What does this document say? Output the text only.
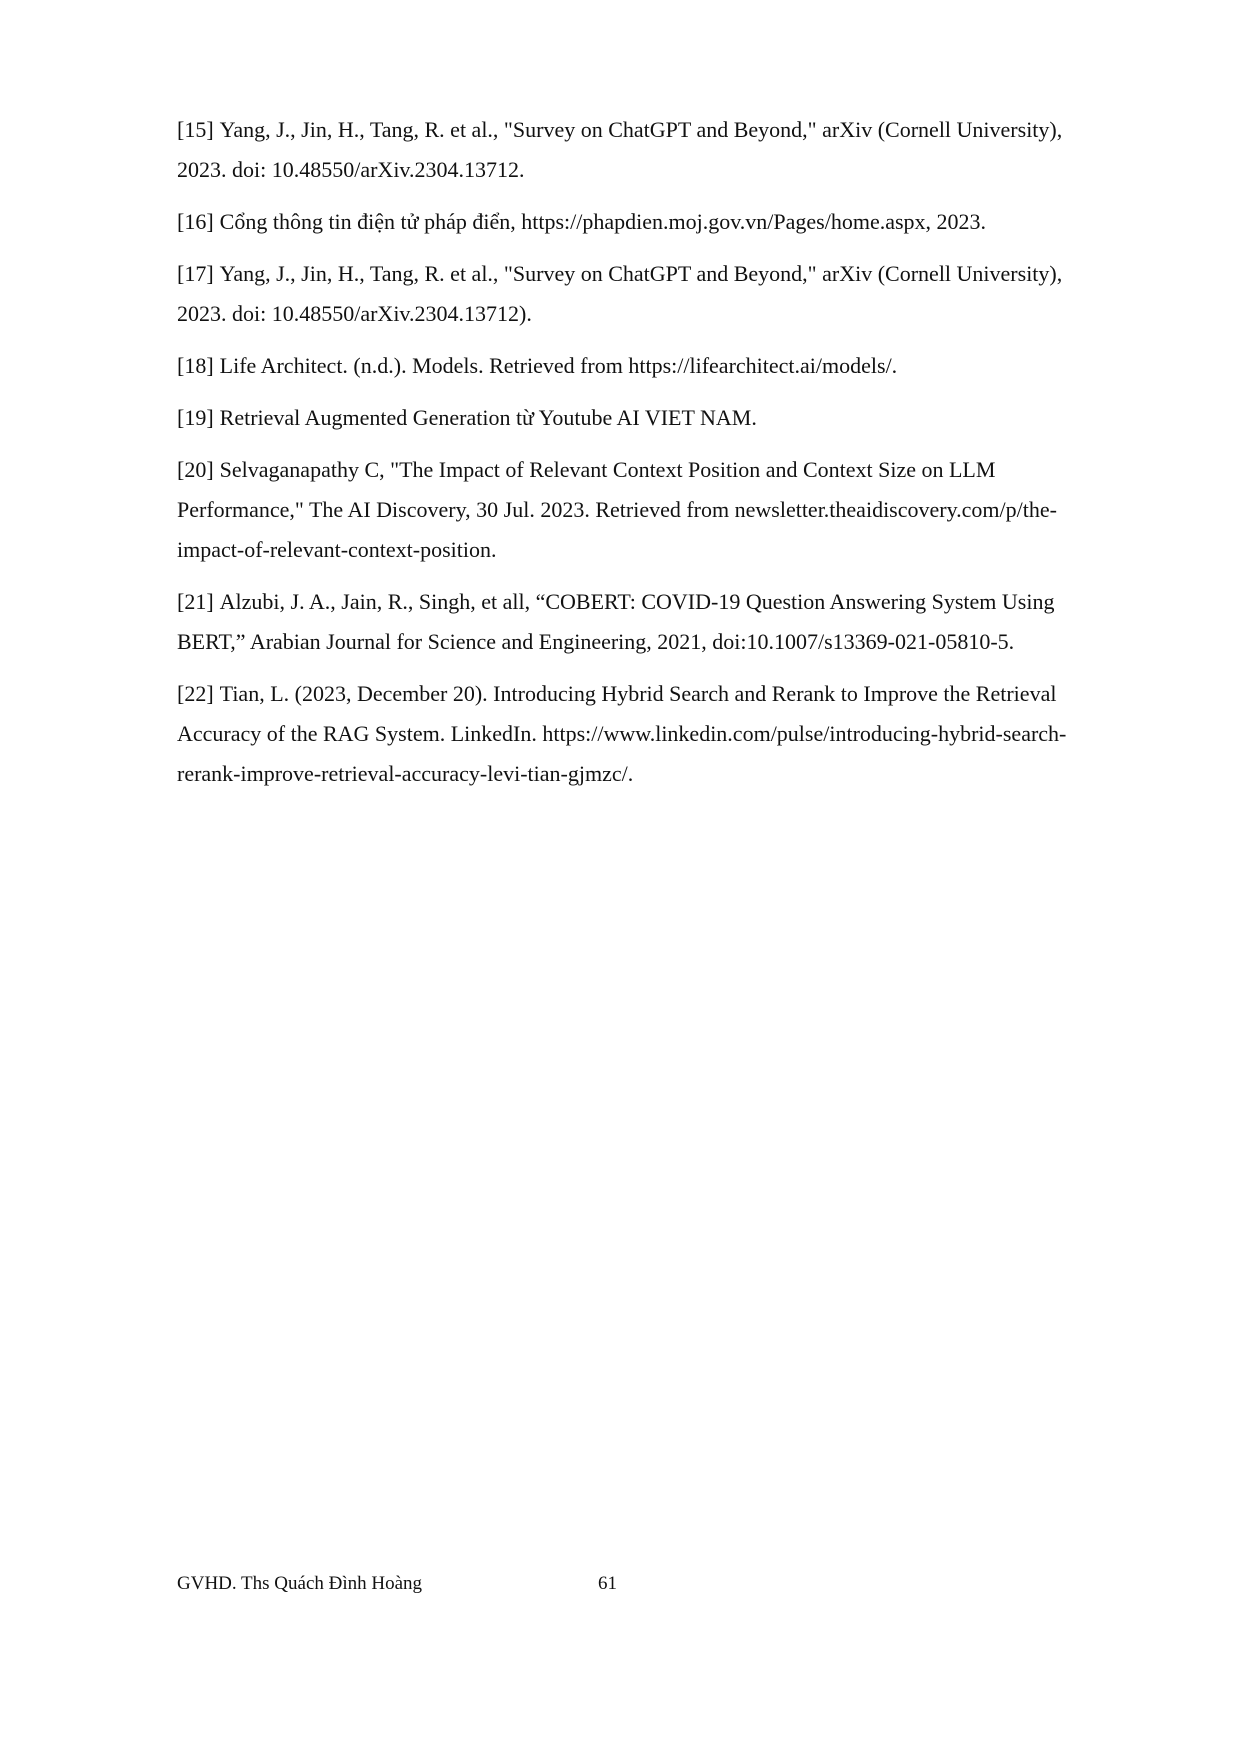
[15] Yang, J., Jin, H., Tang, R. et al., "Survey on ChatGPT and Beyond," arXiv (Cornell University), 2023. doi: 10.48550/arXiv.2304.13712.
[16] Cổng thông tin điện tử pháp điển, https://phapdien.moj.gov.vn/Pages/home.aspx, 2023.
[17] Yang, J., Jin, H., Tang, R. et al., "Survey on ChatGPT and Beyond," arXiv (Cornell University), 2023. doi: 10.48550/arXiv.2304.13712).
[18] Life Architect. (n.d.). Models. Retrieved from https://lifearchitect.ai/models/.
[19] Retrieval Augmented Generation từ Youtube AI VIET NAM.
[20] Selvaganapathy C, "The Impact of Relevant Context Position and Context Size on LLM Performance," The AI Discovery, 30 Jul. 2023. Retrieved from newsletter.theaidiscovery.com/p/the-impact-of-relevant-context-position.
[21] Alzubi, J. A., Jain, R., Singh, et all, “COBERT: COVID-19 Question Answering System Using BERT,” Arabian Journal for Science and Engineering, 2021, doi:10.1007/s13369-021-05810-5.
[22] Tian, L. (2023, December 20). Introducing Hybrid Search and Rerank to Improve the Retrieval Accuracy of the RAG System. LinkedIn. https://www.linkedin.com/pulse/introducing-hybrid-search-rerank-improve-retrieval-accuracy-levi-tian-gjmzc/.
GVHD. Ths Quách Đình Hoàng	61
